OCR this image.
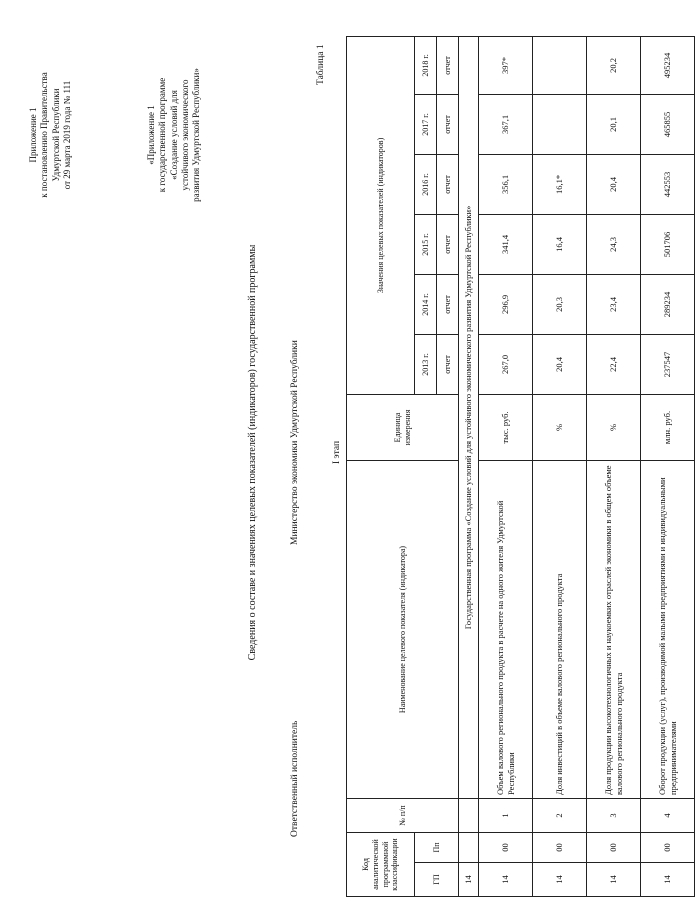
Приложение 1 к постановлению Правительства Удмуртской Республики от 29 марта 2019 года № 111	«Приложение 1 к государственной программе «Создание условий для устойчивого экономического развития Удмуртской Республики»
Сведения о составе и значениях целевых показателей (индикаторов) государственной программы
Ответственный исполнитель
Министерство экономики Удмуртской Республики
Таблица 1
I этап
Код аналитической программной классификации		№ п/п	Наименование целевого показателя (индикатора)	Единица измерения	Значения целевых показателей (индикаторов)					
ГП	Пп				2013 г.	2014 г.	2015 г.	2016 г.	2017 г.	2018 г.
					отчет	отчет	отчет	отчет	отчет	отчет
14			Государственная программа «Создание условий для устойчивого экономического развития Удмуртской Республики»							
14	00	1	Объем валового регионального продукта в расчете на одного жителя Удмуртской Республики	тыс. руб.	267,0	296,9	341,4	356,1	367,1	397*
14	00	2	Доля инвестиций в объеме валового регионального продукта	%	20,4	20,3	16,4	16,1*		
14	00	3	Доля продукции высокотехнологичных и наукоемких отраслей экономики в общем объеме валового регионального продукта	%	22,4	23,4	24,3	20,4	20,1	20,2
14	00	4	Оборот продукции (услуг), производимой малыми предприятиями и индивидуальными предпринимателями	млн. руб.	237547	289234	501706	442553	465855	495234
